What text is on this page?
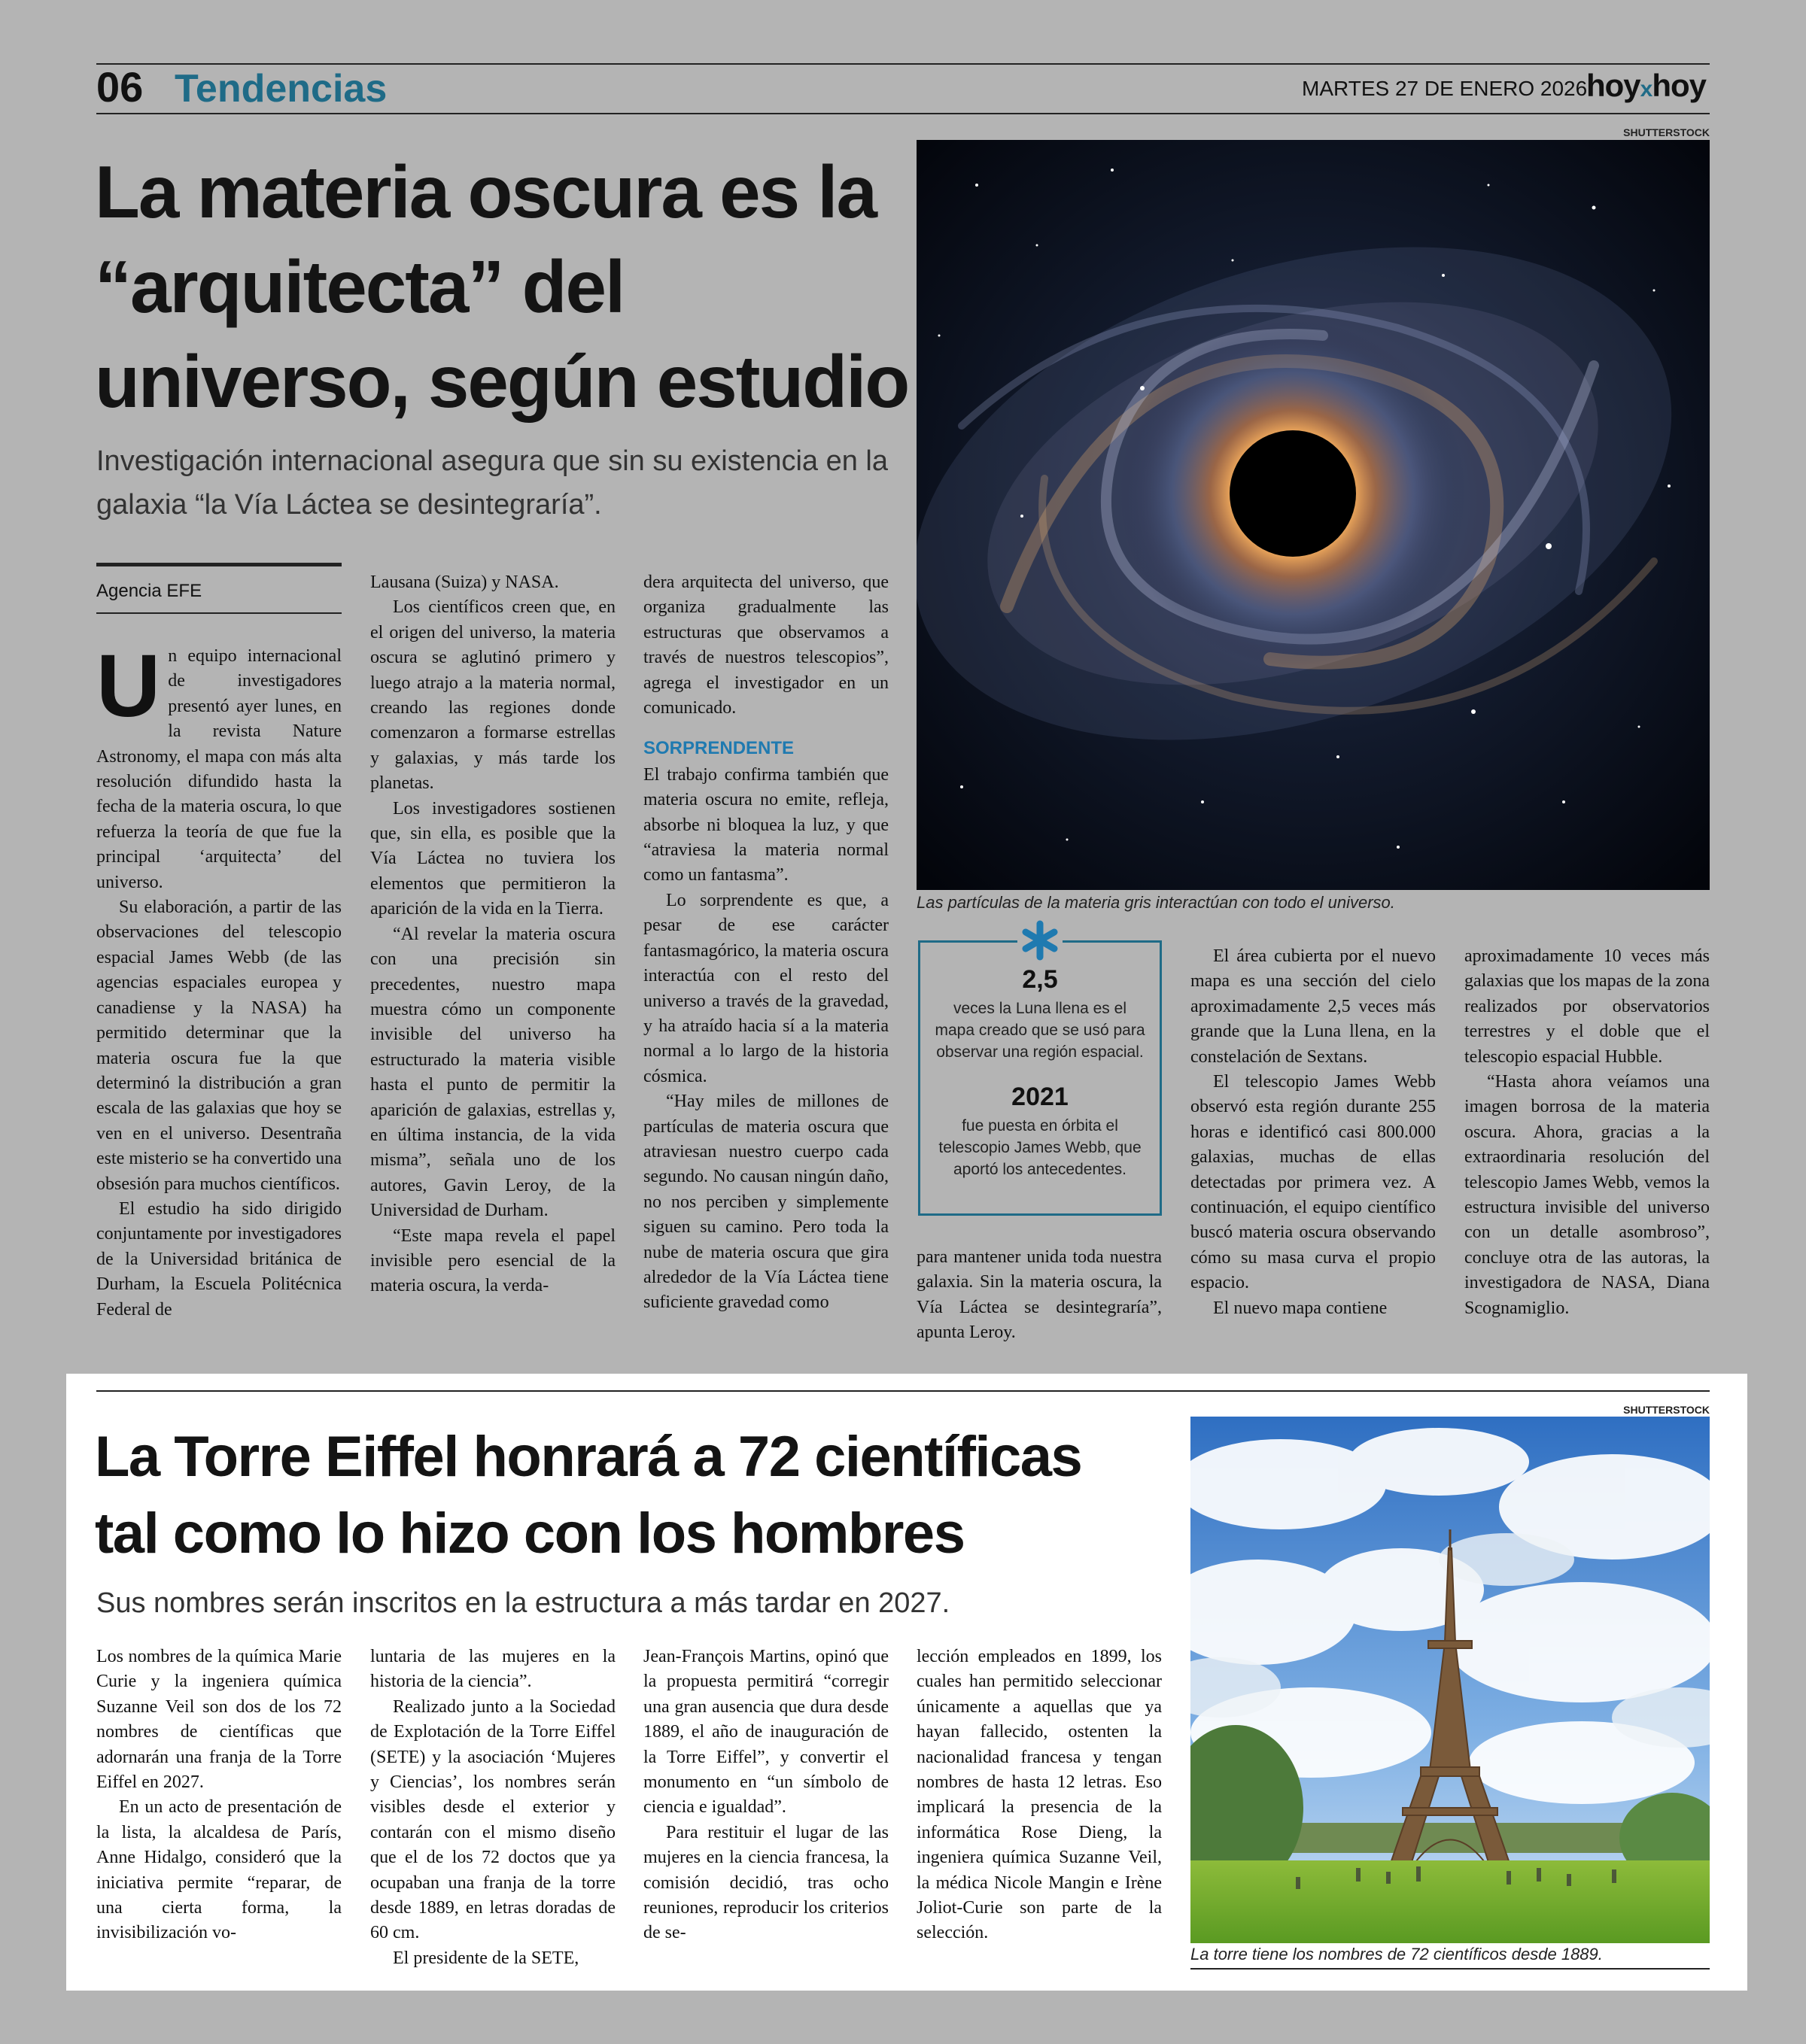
06 Tendencias	MARTES 27 DE ENERO 2026
hoyxhoy
La materia oscura es la
“arquitecta” del
universo, según estudio
Investigación internacional asegura que sin su existencia en la
galaxia “la Vía Láctea se desintegraría”.
Agencia EFE
SHUTTERSTOCK
Las partículas de la materia gris interactúan con todo el universo.

Un equipo internacional de investigadores presentó ayer lunes, en la revista Nature Astronomy, el mapa con más alta resolución difundido hasta la fecha de la materia oscura, lo que refuerza la teoría de que fue la principal ‘arquitecta’ del universo.

Su elaboración, a partir de las observaciones del telescopio espacial James Webb (de las agencias espaciales europea y canadiense y la NASA) ha permitido determinar que la materia oscura fue la que determinó la distribución a gran escala de las galaxias que hoy se ven en el universo. Desentraña este misterio se ha convertido una obsesión para muchos científicos.

El estudio ha sido dirigido conjuntamente por investigadores de la Universidad británica de Durham, la Escuela Politécnica Federal de

Lausana (Suiza) y NASA.

Los científicos creen que, en el origen del universo, la materia oscura se aglutinó primero y luego atrajo a la materia normal, creando las regiones donde comenzaron a formarse estrellas y galaxias, y más tarde los planetas.

Los investigadores sostienen que, sin ella, es posible que la Vía Láctea no tuviera los elementos que permitieron la aparición de la vida en la Tierra.

“Al revelar la materia oscura con una precisión sin precedentes, nuestro mapa muestra cómo un componente invisible del universo ha estructurado la materia visible hasta el punto de permitir la aparición de galaxias, estrellas y, en última instancia, de la vida misma”, señala uno de los autores, Gavin Leroy, de la Universidad de Durham.

“Este mapa revela el papel invisible pero esencial de la materia oscura, la verda-

dera arquitecta del universo, que organiza gradualmente las estructuras que observamos a través de nuestros telescopios”, agrega el investigador en un comunicado.

SORPRENDENTE

El trabajo confirma también que materia oscura no emite, refleja, absorbe ni bloquea la luz, y que “atraviesa la materia normal como un fantasma”.

Lo sorprendente es que, a pesar de ese carácter fantasmagórico, la materia oscura interactúa con el resto del universo a través de la gravedad, y ha atraído hacia sí a la materia normal a lo largo de la historia cósmica.

“Hay miles de millones de partículas de materia oscura que atraviesan nuestro cuerpo cada segundo. No causan ningún daño, no nos perciben y simplemente siguen su camino. Pero toda la nube de materia oscura que gira alrededor de la Vía Láctea tiene suficiente gravedad como

2,5
veces la Luna llena es el mapa creado que se usó para observar una región espacial.
2021
fue puesta en órbita el telescopio James Webb, que aportó los antecedentes.

para mantener unida toda nuestra galaxia. Sin la materia oscura, la Vía Láctea se desintegraría”, apunta Leroy.

El área cubierta por el nuevo mapa es una sección del cielo aproximadamente 2,5 veces más grande que la Luna llena, en la constelación de Sextans.

El telescopio James Webb observó esta región durante 255 horas e identificó casi 800.000 galaxias, muchas de ellas detectadas por primera vez. A continuación, el equipo científico buscó materia oscura observando cómo su masa curva el propio espacio.

El nuevo mapa contiene

aproximadamente 10 veces más galaxias que los mapas de la zona realizados por observatorios terrestres y el doble que el telescopio espacial Hubble.

“Hasta ahora veíamos una imagen borrosa de la materia oscura. Ahora, gracias a la extraordinaria resolución del telescopio James Webb, vemos la estructura invisible del universo con un detalle asombroso”, concluye otra de las autoras, la investigadora de NASA, Diana Scognamiglio.

La Torre Eiffel honrará a 72 científicas
tal como lo hizo con los hombres
Sus nombres serán inscritos en la estructura a más tardar en 2027.

Los nombres de la química Marie Curie y la ingeniera química Suzanne Veil son dos de los 72 nombres de científicas que adornarán una franja de la Torre Eiffel en 2027.

En un acto de presentación de la lista, la alcaldesa de París, Anne Hidalgo, consideró que la iniciativa permite “reparar, de una cierta forma, la invisibilización vo-

luntaria de las mujeres en la historia de la ciencia”.

Realizado junto a la Sociedad de Explotación de la Torre Eiffel (SETE) y la asociación ‘Mujeres y Ciencias’, los nombres serán visibles desde el exterior y contarán con el mismo diseño que el de los 72 doctos que ya ocupaban una franja de la torre desde 1889, en letras doradas de 60 cm.

El presidente de la SETE,

Jean-François Martins, opinó que la propuesta permitirá “corregir una gran ausencia que dura desde 1889, el año de inauguración de la Torre Eiffel”, y convertir el monumento en “un símbolo de ciencia e igualdad”.

Para restituir el lugar de las mujeres en la ciencia francesa, la comisión decidió, tras ocho reuniones, reproducir los criterios de se-

lección empleados en 1899, los cuales han permitido seleccionar únicamente a aquellas que ya hayan fallecido, ostenten la nacionalidad francesa y tengan nombres de hasta 12 letras. Eso implicará la presencia de la informática Rose Dieng, la ingeniera química Suzanne Veil, la médica Nicole Mangin e Irène Joliot-Curie son parte de la selección.

SHUTTERSTOCK
La torre tiene los nombres de 72 científicos desde 1889.
